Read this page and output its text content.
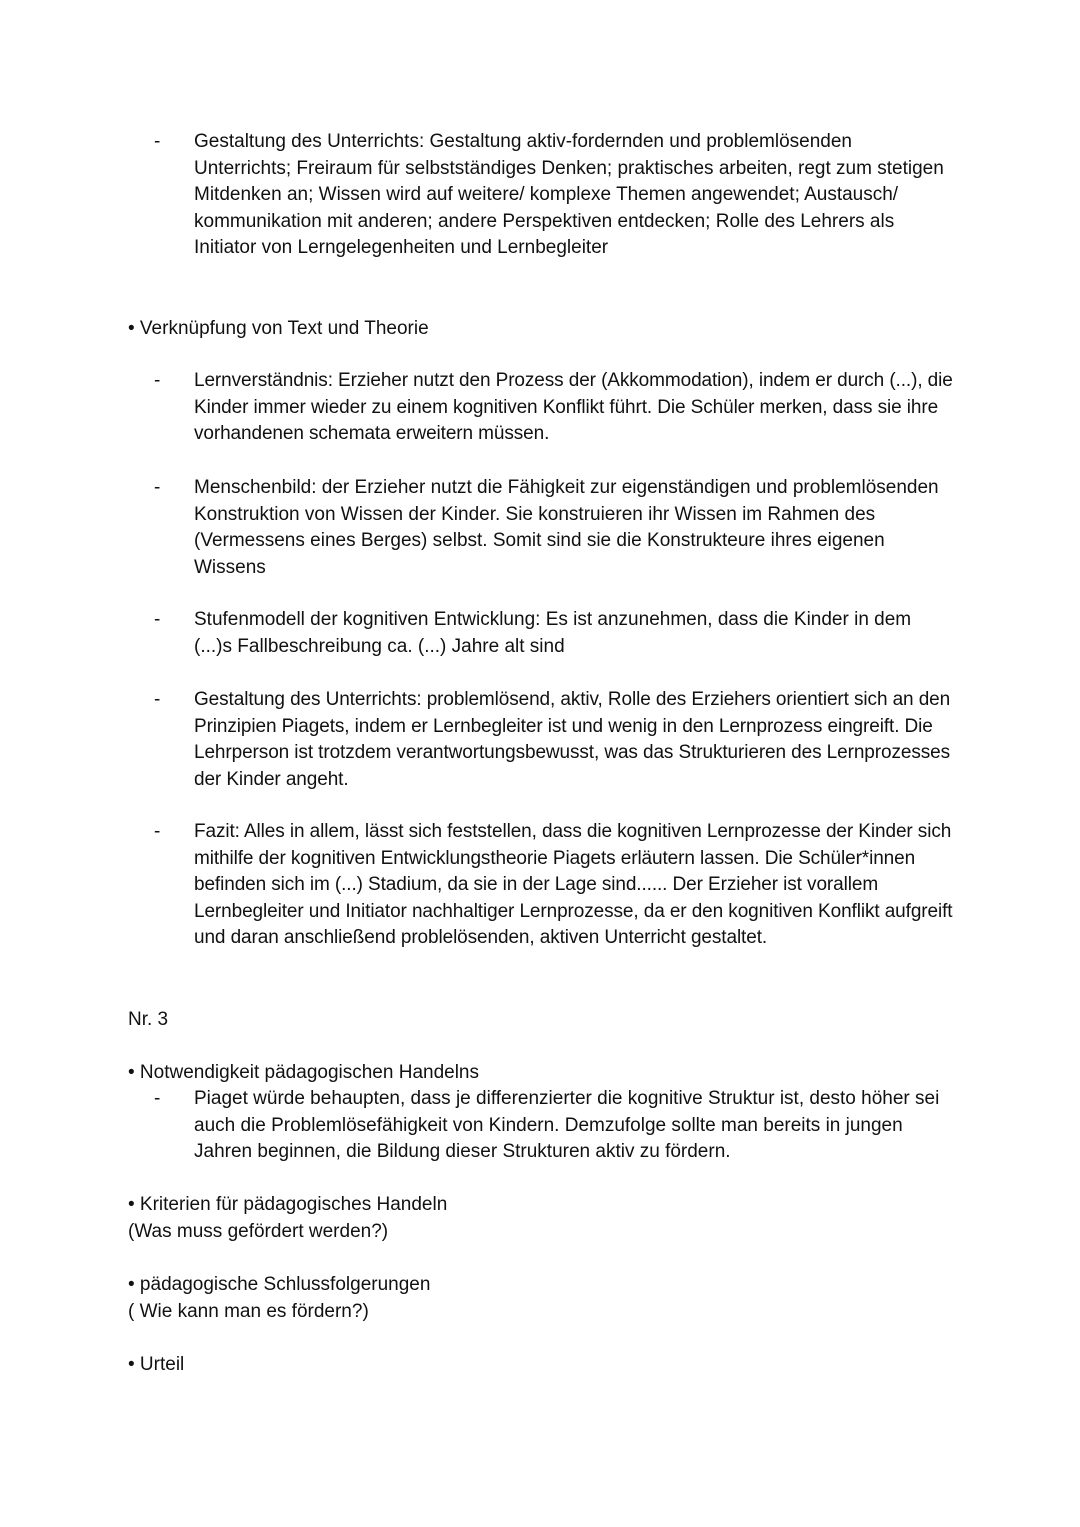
- Gestaltung des Unterrichts: Gestaltung aktiv-fordernden und problemlösenden Unterrichts; Freiraum für selbstständiges Denken; praktisches arbeiten, regt zum stetigen Mitdenken an; Wissen wird auf weitere/ komplexe Themen angewendet; Austausch/ kommunikation mit anderen; andere Perspektiven entdecken; Rolle des Lehrers als Initiator von Lerngelegenheiten und Lernbegleiter
• Verknüpfung von Text und Theorie
- Lernverständnis: Erzieher nutzt den Prozess der (Akkommodation), indem er durch (...), die Kinder immer wieder zu einem kognitiven Konflikt führt. Die Schüler merken, dass sie ihre vorhandenen schemata erweitern müssen.
- Menschenbild: der Erzieher nutzt die Fähigkeit zur eigenständigen und problemlösenden Konstruktion von Wissen der Kinder. Sie konstruieren ihr Wissen im Rahmen des (Vermessens eines Berges) selbst. Somit sind sie die Konstrukteure ihres eigenen Wissens
- Stufenmodell der kognitiven Entwicklung: Es ist anzunehmen, dass die Kinder in dem (...)s Fallbeschreibung ca. (...) Jahre alt sind
- Gestaltung des Unterrichts: problemlösend, aktiv, Rolle des Erziehers orientiert sich an den Prinzipien Piagets, indem er Lernbegleiter ist und wenig in den Lernprozess eingreift. Die Lehrperson ist trotzdem verantwortungsbewusst, was das Strukturieren des Lernprozesses der Kinder angeht.
- Fazit: Alles in allem, lässt sich feststellen, dass die kognitiven Lernprozesse der Kinder sich mithilfe der kognitiven Entwicklungstheorie Piagets erläutern lassen. Die Schüler*innen befinden sich im (...) Stadium, da sie in der Lage sind...... Der Erzieher ist vorallem Lernbegleiter und Initiator nachhaltiger Lernprozesse, da er den kognitiven Konflikt aufgreift und daran anschließend problelösenden, aktiven Unterricht gestaltet.
Nr. 3
• Notwendigkeit pädagogischen Handelns
- Piaget würde behaupten, dass je differenzierter die kognitive Struktur ist, desto höher sei auch die Problemlösefähigkeit von Kindern. Demzufolge sollte man bereits in jungen Jahren beginnen, die Bildung dieser Strukturen aktiv zu fördern.
• Kriterien für pädagogisches Handeln
(Was muss gefördert werden?)
• pädagogische Schlussfolgerungen
( Wie kann man es fördern?)
• Urteil
